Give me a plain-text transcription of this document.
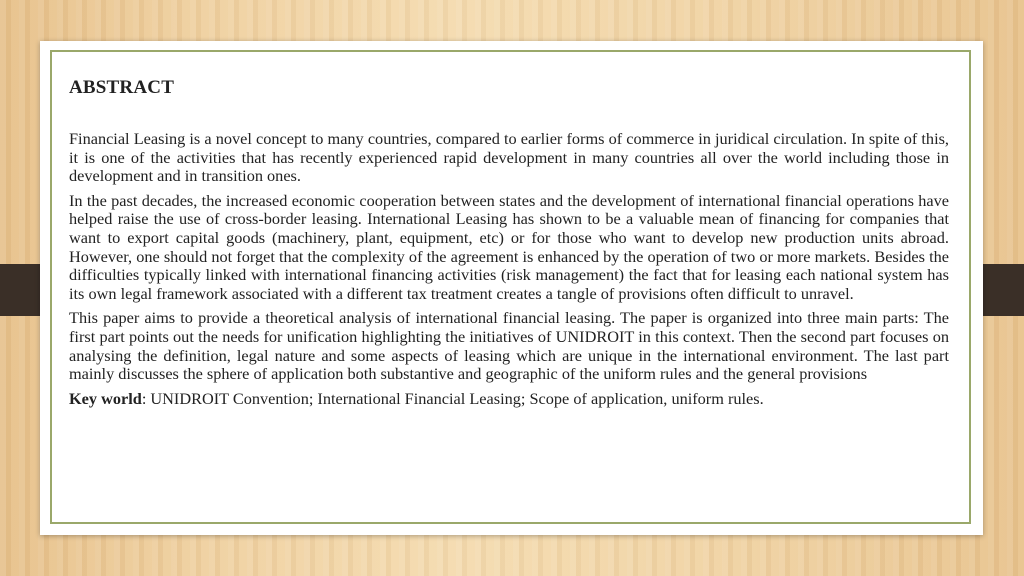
ABSTRACT

Financial Leasing is a novel concept to many countries, compared to earlier forms of commerce in juridical circulation. In spite of this, it is one of the activities that has recently experienced rapid development in many countries all over the world including those in development and in transition ones.

In the past decades, the increased economic cooperation between states and the development of international financial operations have helped raise the use of cross-border leasing. International Leasing has shown to be a valuable mean of financing for companies that want to export capital goods (machinery, plant, equipment, etc) or for those who want to develop new production units abroad. However, one should not forget that the complexity of the agreement is enhanced by the operation of two or more markets. Besides the difficulties typically linked with international financing activities (risk management) the fact that for leasing each national system has its own legal framework associated with a different tax treatment creates a tangle of provisions often difficult to unravel.

This paper aims to provide a theoretical analysis of international financial leasing. The paper is organized into three main parts: The first part points out the needs for unification highlighting the initiatives of UNIDROIT in this context. Then the second part focuses on analysing the definition, legal nature and some aspects of leasing which are unique in the international environment. The last part mainly discusses the sphere of application both substantive and geographic of the uniform rules and the general provisions

Key world: UNIDROIT Convention; International Financial Leasing; Scope of application, uniform rules.
